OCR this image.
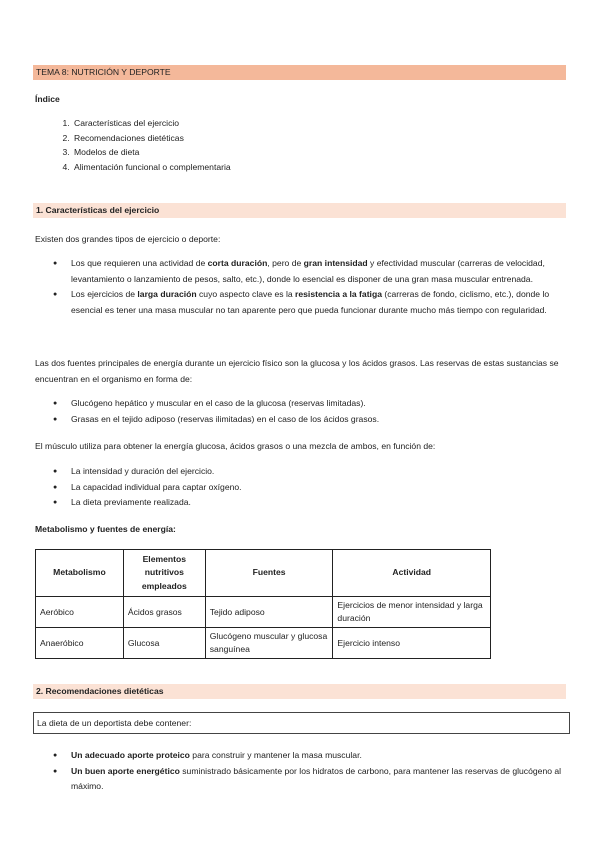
TEMA 8: NUTRICIÓN Y DEPORTE
Índice
1. Características del ejercicio
2. Recomendaciones dietéticas
3. Modelos de dieta
4. Alimentación funcional o complementaria
1. Características del ejercicio
Existen dos grandes tipos de ejercicio o deporte:
● Los que requieren una actividad de corta duración, pero de gran intensidad y efectividad muscular (carreras de velocidad, levantamiento o lanzamiento de pesos, salto, etc.), donde lo esencial es disponer de una gran masa muscular entrenada.
● Los ejercicios de larga duración cuyo aspecto clave es la resistencia a la fatiga (carreras de fondo, ciclismo, etc.), donde lo esencial es tener una masa muscular no tan aparente pero que pueda funcionar durante mucho más tiempo con regularidad.
Las dos fuentes principales de energía durante un ejercicio físico son la glucosa y los ácidos grasos. Las reservas de estas sustancias se encuentran en el organismo en forma de:
● Glucógeno hepático y muscular en el caso de la glucosa (reservas limitadas).
● Grasas en el tejido adiposo (reservas ilimitadas) en el caso de los ácidos grasos.
El músculo utiliza para obtener la energía glucosa, ácidos grasos o una mezcla de ambos, en función de:
● La intensidad y duración del ejercicio.
● La capacidad individual para captar oxígeno.
● La dieta previamente realizada.
Metabolismo y fuentes de energía:
Metabolismo	Elementos nutritivos empleados	Fuentes	Actividad
Aeróbico	Ácidos grasos	Tejido adiposo	Ejercicios de menor intensidad y larga duración
Anaeróbico	Glucosa	Glucógeno muscular y glucosa sanguínea	Ejercicio intenso
2. Recomendaciones dietéticas
La dieta de un deportista debe contener:
● Un adecuado aporte proteico para construir y mantener la masa muscular.
● Un buen aporte energético suministrado básicamente por los hidratos de carbono, para mantener las reservas de glucógeno al máximo.
